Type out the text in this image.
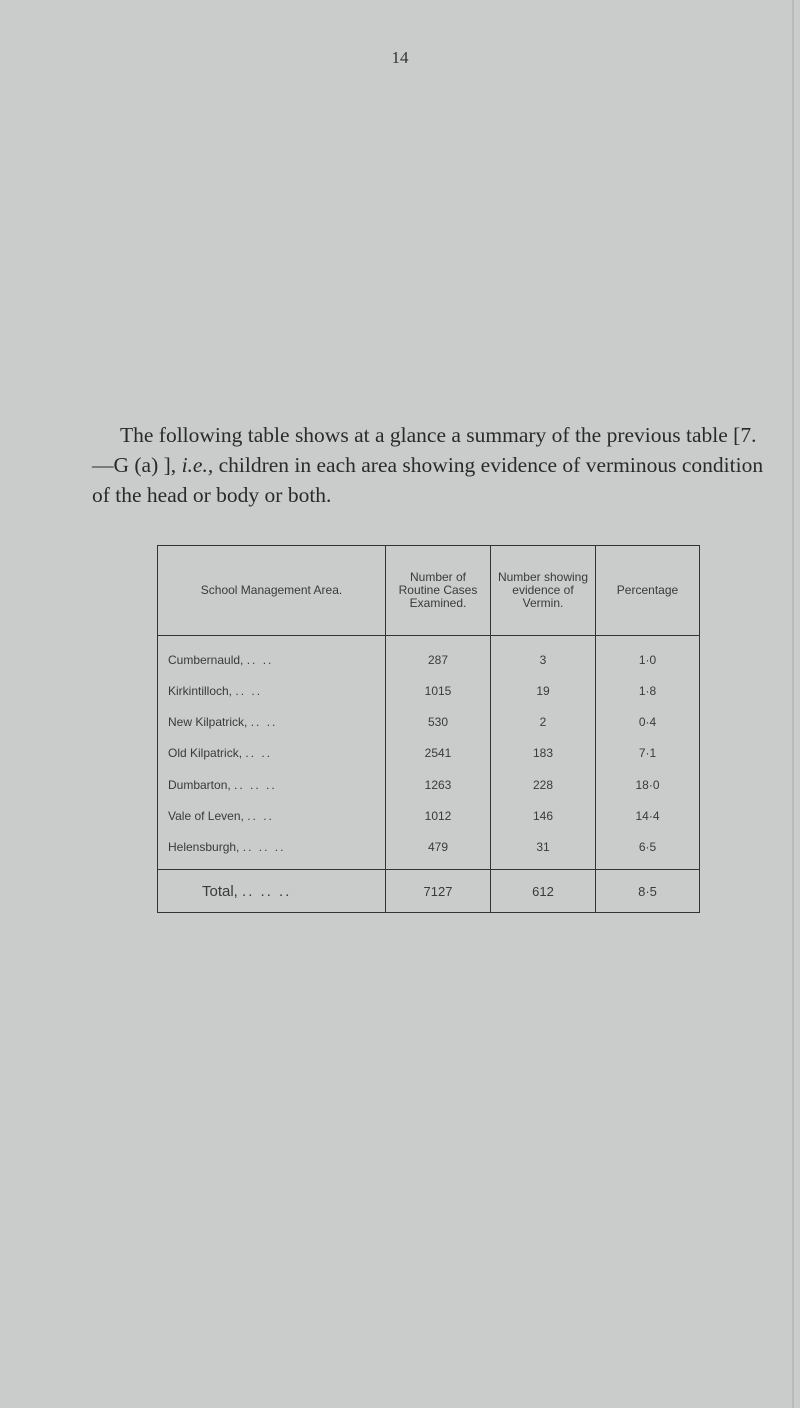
14

The following table shows at a glance a summary of the previous table [7.—G (a) ], i.e., children in each area showing evidence of verminous condition of the head or body or both.

School Management Area.	Number of Routine Cases Examined.	Number showing evidence of Vermin.	Percentage
Cumbernauld, .. ..	287	3	1·0
Kirkintilloch, .. ..	1015	19	1·8
New Kilpatrick, .. ..	530	2	0·4
Old Kilpatrick, .. ..	2541	183	7·1
Dumbarton, .. .. ..	1263	228	18·0
Vale of Leven, .. ..	1012	146	14·4
Helensburgh, .. .. ..	479	31	6·5
Total, .. .. ..	7127	612	8·5
